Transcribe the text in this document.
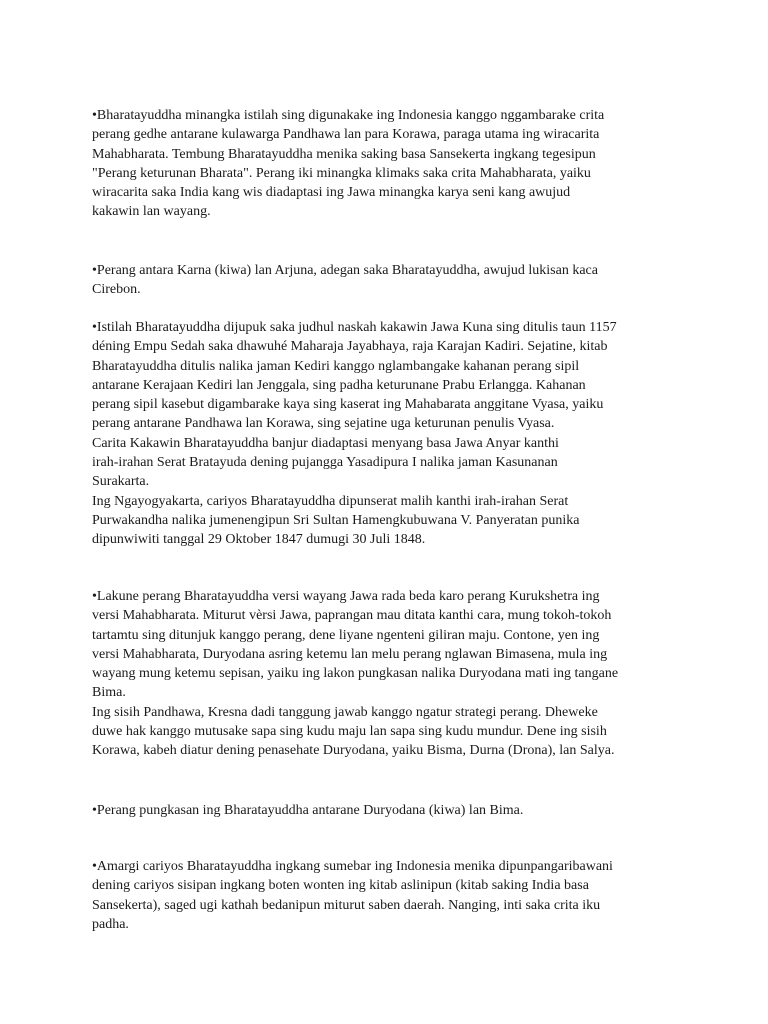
•Bharatayuddha minangka istilah sing digunakake ing Indonesia kanggo nggambarake crita
perang gedhe antarane kulawarga Pandhawa lan para Korawa, paraga utama ing wiracarita
Mahabharata. Tembung Bharatayuddha menika saking basa Sansekerta ingkang tegesipun
"Perang keturunan Bharata". Perang iki minangka klimaks saka crita Mahabharata, yaiku
wiracarita saka India kang wis diadaptasi ing Jawa minangka karya seni kang awujud
kakawin lan wayang.

•Perang antara Karna (kiwa) lan Arjuna, adegan saka Bharatayuddha, awujud lukisan kaca
Cirebon.

•Istilah Bharatayuddha dijupuk saka judhul naskah kakawin Jawa Kuna sing ditulis taun 1157
déning Empu Sedah saka dhawuhé Maharaja Jayabhaya, raja Karajan Kadiri. Sejatine, kitab
Bharatayuddha ditulis nalika jaman Kediri kanggo nglambangake kahanan perang sipil
antarane Kerajaan Kediri lan Jenggala, sing padha keturunane Prabu Erlangga. Kahanan
perang sipil kasebut digambarake kaya sing kaserat ing Mahabarata anggitane Vyasa, yaiku
perang antarane Pandhawa lan Korawa, sing sejatine uga keturunan penulis Vyasa.
Carita Kakawin Bharatayuddha banjur diadaptasi menyang basa Jawa Anyar kanthi
irah-irahan Serat Bratayuda dening pujangga Yasadipura I nalika jaman Kasunanan
Surakarta.
Ing Ngayogyakarta, cariyos Bharatayuddha dipunserat malih kanthi irah-irahan Serat
Purwakandha nalika jumenengipun Sri Sultan Hamengkubuwana V. Panyeratan punika
dipunwiwiti tanggal 29 Oktober 1847 dumugi 30 Juli 1848.

•Lakune perang Bharatayuddha versi wayang Jawa rada beda karo perang Kurukshetra ing
versi Mahabharata. Miturut vèrsi Jawa, paprangan mau ditata kanthi cara, mung tokoh-tokoh
tartamtu sing ditunjuk kanggo perang, dene liyane ngenteni giliran maju. Contone, yen ing
versi Mahabharata, Duryodana asring ketemu lan melu perang nglawan Bimasena, mula ing
wayang mung ketemu sepisan, yaiku ing lakon pungkasan nalika Duryodana mati ing tangane
Bima.
Ing sisih Pandhawa, Kresna dadi tanggung jawab kanggo ngatur strategi perang. Dheweke
duwe hak kanggo mutusake sapa sing kudu maju lan sapa sing kudu mundur. Dene ing sisih
Korawa, kabeh diatur dening penasehate Duryodana, yaiku Bisma, Durna (Drona), lan Salya.

•Perang pungkasan ing Bharatayuddha antarane Duryodana (kiwa) lan Bima.

•Amargi cariyos Bharatayuddha ingkang sumebar ing Indonesia menika dipunpangaribawani
dening cariyos sisipan ingkang boten wonten ing kitab aslinipun (kitab saking India basa
Sansekerta), saged ugi kathah bedanipun miturut saben daerah. Nanging, inti saka crita iku
padha.
